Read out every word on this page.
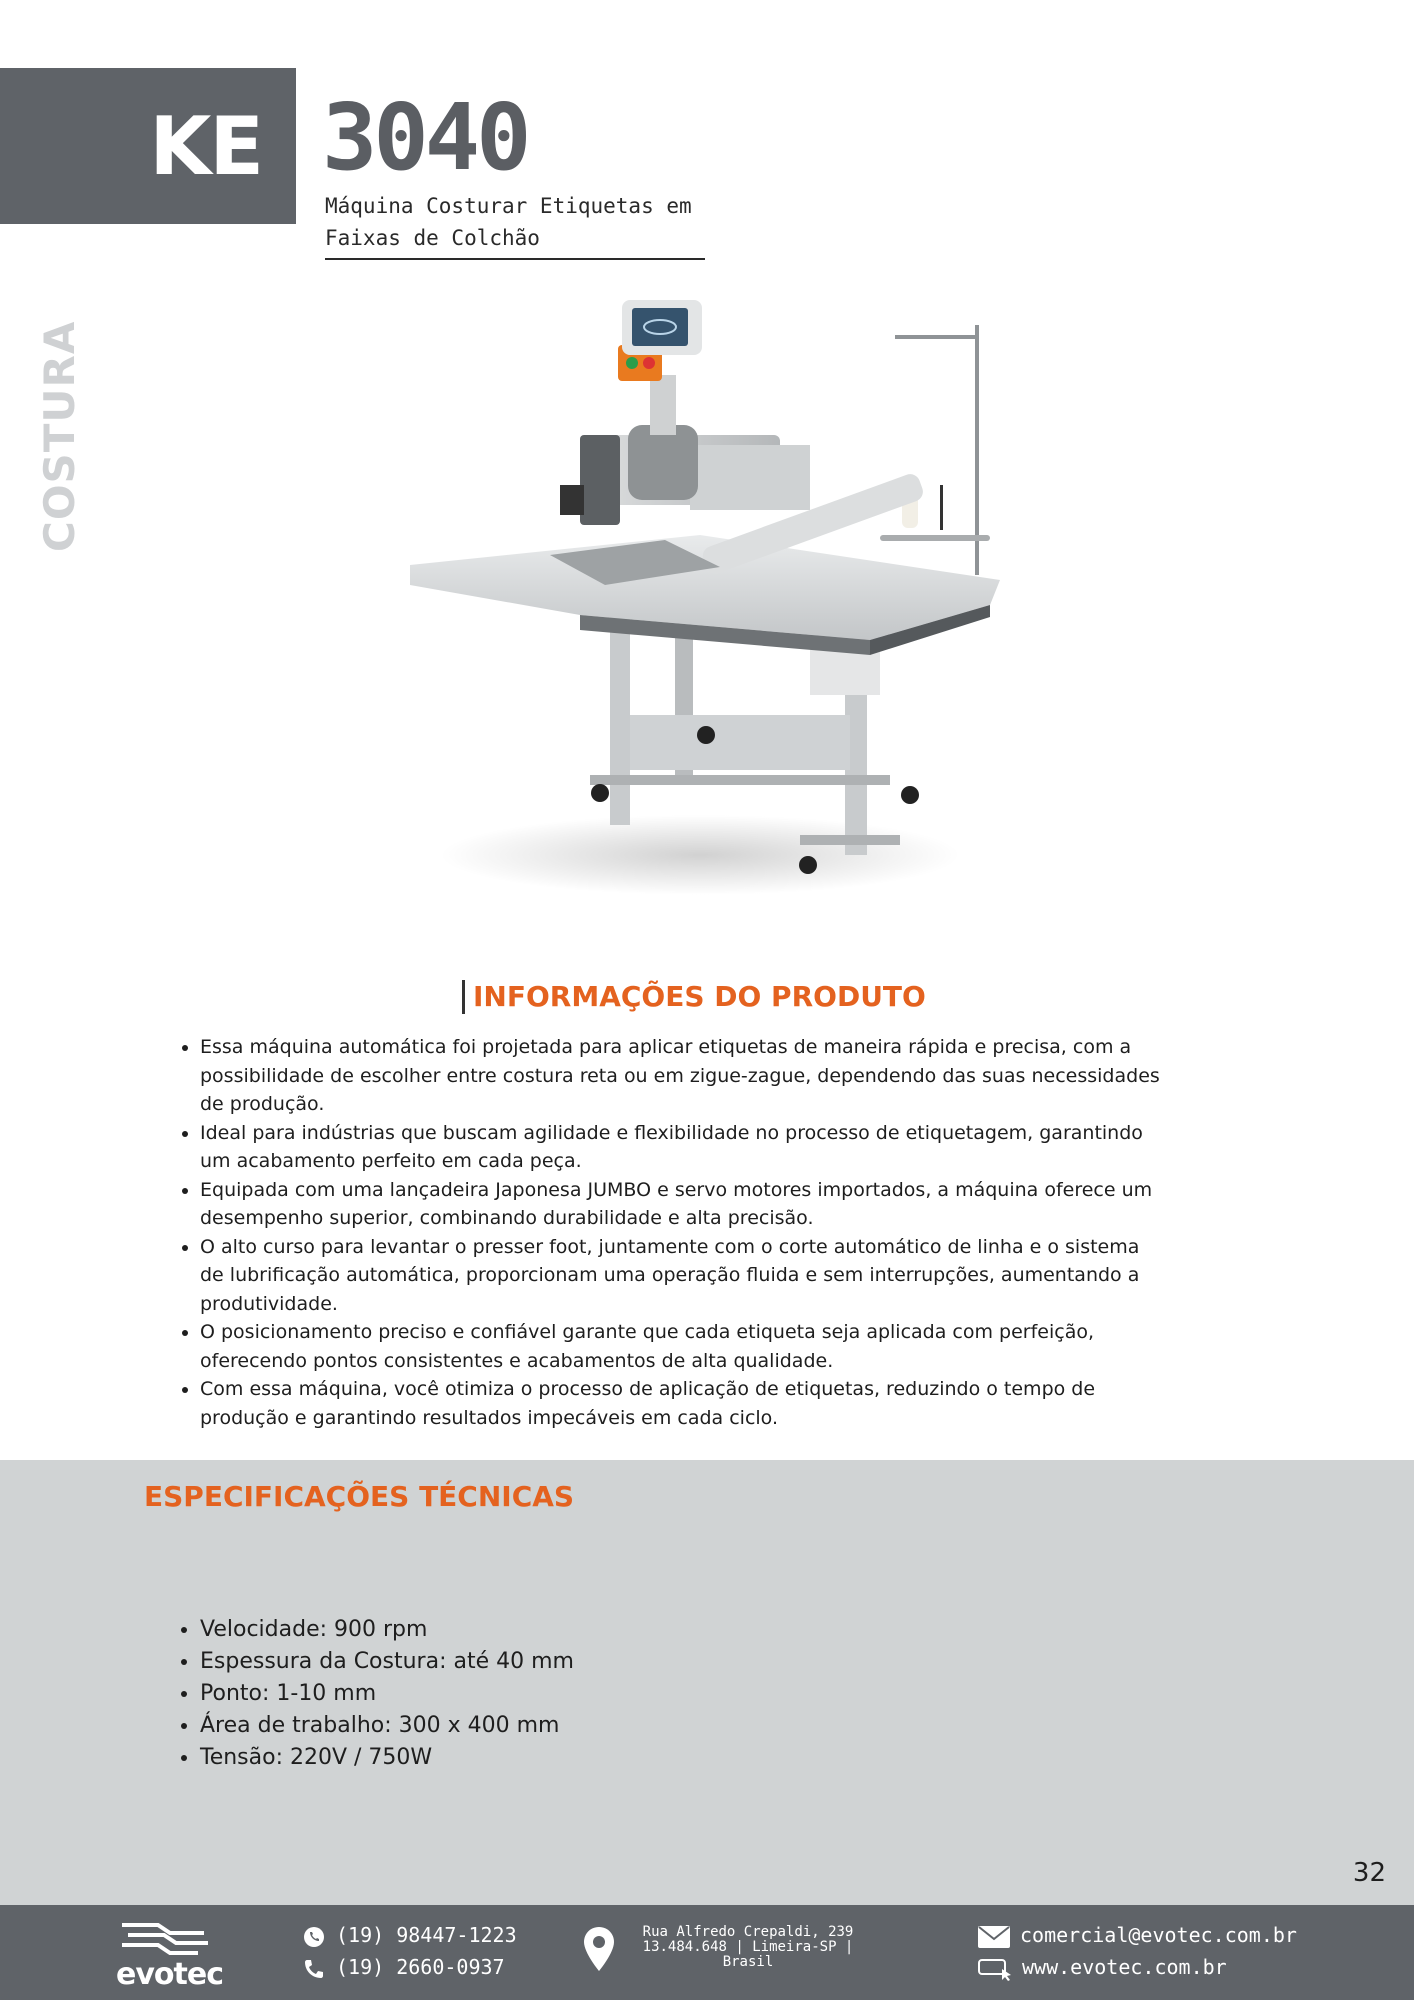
KE 3040
Máquina Costurar Etiquetas em
Faixas de Colchão
COSTURA
INFORMAÇÕES DO PRODUTO
• Essa máquina automática foi projetada para aplicar etiquetas de maneira rápida e precisa, com a possibilidade de escolher entre costura reta ou em zigue-zague, dependendo das suas necessidades de produção.
• Ideal para indústrias que buscam agilidade e flexibilidade no processo de etiquetagem, garantindo um acabamento perfeito em cada peça.
• Equipada com uma lançadeira Japonesa JUMBO e servo motores importados, a máquina oferece um desempenho superior, combinando durabilidade e alta precisão.
• O alto curso para levantar o presser foot, juntamente com o corte automático de linha e o sistema de lubrificação automática, proporcionam uma operação fluida e sem interrupções, aumentando a produtividade.
• O posicionamento preciso e confiável garante que cada etiqueta seja aplicada com perfeição, oferecendo pontos consistentes e acabamentos de alta qualidade.
• Com essa máquina, você otimiza o processo de aplicação de etiquetas, reduzindo o tempo de produção e garantindo resultados impecáveis em cada ciclo.
ESPECIFICAÇÕES TÉCNICAS
• Velocidade: 900 rpm
• Espessura da Costura: até 40 mm
• Ponto: 1-10 mm
• Área de trabalho: 300 x 400 mm
• Tensão: 220V / 750W
32
evotec
(19) 98447-1223
(19) 2660-0937
Rua Alfredo Crepaldi, 239
13.484.648 | Limeira-SP |
Brasil
comercial@evotec.com.br
www.evotec.com.br
